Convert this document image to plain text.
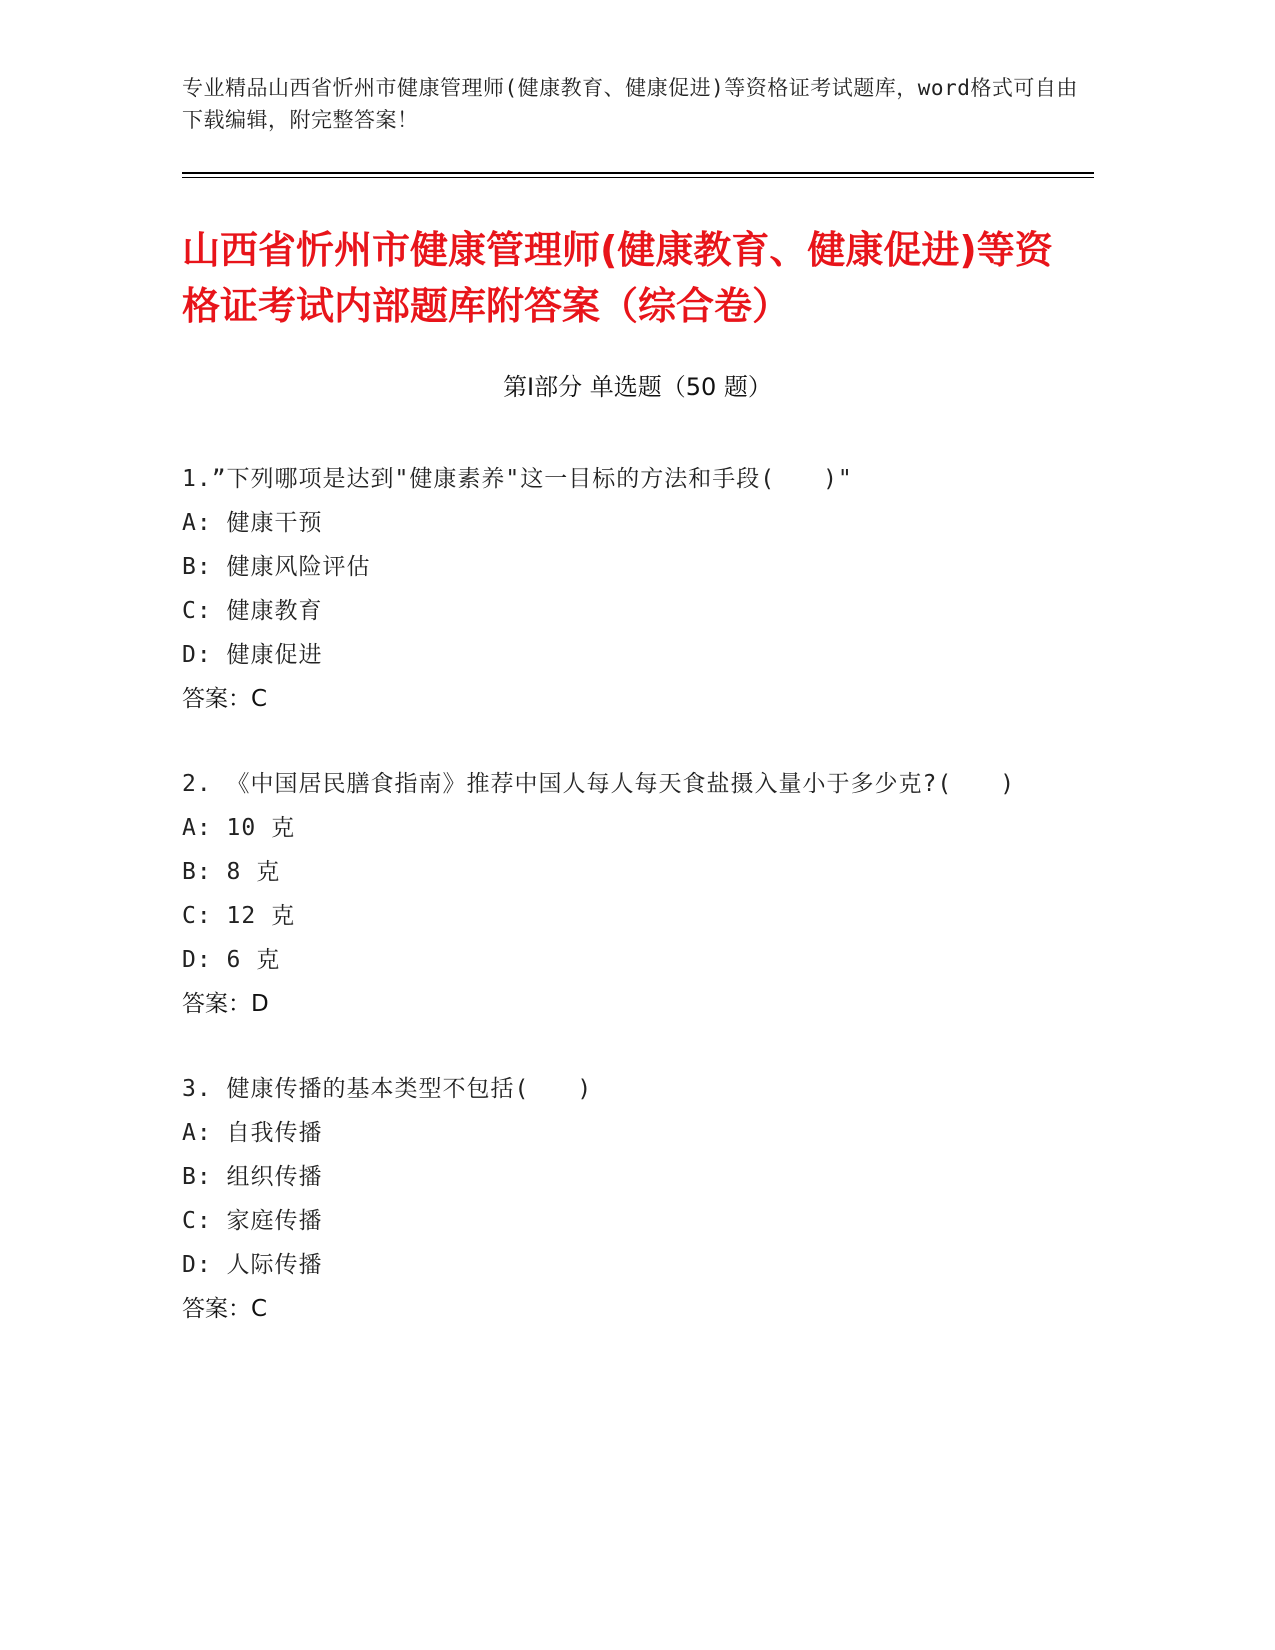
专业精品山西省忻州市健康管理师(健康教育、健康促进)等资格证考试题库，word格式可自由下载编辑，附完整答案！
山西省忻州市健康管理师(健康教育、健康促进)等资格证考试内部题库附答案（综合卷）
第Ⅰ部分 单选题（50 题）
1.”下列哪项是达到"健康素养"这一目标的方法和手段(　　)"
A: 健康干预
B: 健康风险评估
C: 健康教育
D: 健康促进
答案：C
2. 《中国居民膳食指南》推荐中国人每人每天食盐摄入量小于多少克?(　　)
A: 10 克
B: 8 克
C: 12 克
D: 6 克
答案：D
3. 健康传播的基本类型不包括(　　)
A: 自我传播
B: 组织传播
C: 家庭传播
D: 人际传播
答案：C
